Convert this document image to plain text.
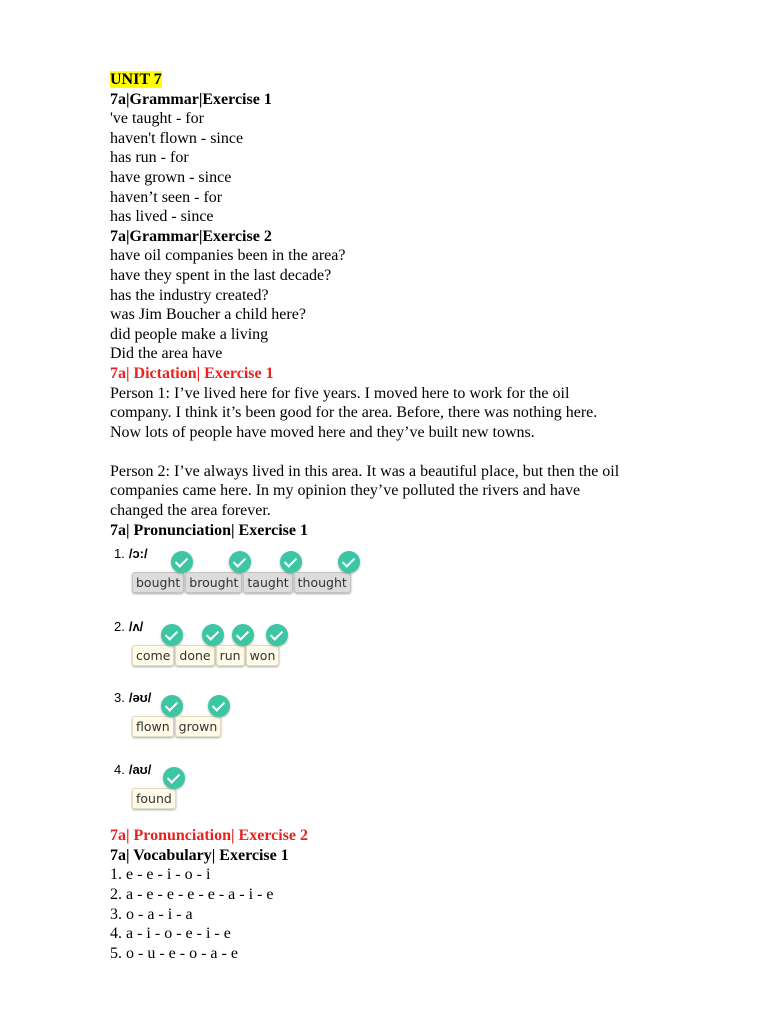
UNIT 7
7a|Grammar|Exercise 1
've taught - for
haven't flown - since
has run - for
have grown - since
haven’t seen - for
has lived - since
7a|Grammar|Exercise 2
have oil companies been in the area?
have they spent in the last decade?
has the industry created?
was Jim Boucher a child here?
did people make a living
Did the area have
7a| Dictation| Exercise 1
Person 1: I’ve lived here for five years. I moved here to work for the oil
company. I think it’s been good for the area. Before, there was nothing here.
Now lots of people have moved here and they’ve built new towns.
Person 2: I’ve always lived in this area. It was a beautiful place, but then the oil
companies came here. In my opinion they’ve polluted the rivers and have
changed the area forever.
7a| Pronunciation| Exercise 1
1. /ɔ:/
bought brought taught thought
2. /ʌ/
come done run won
3. /əʊ/
flown grown
4. /aʊ/
found
7a| Pronunciation| Exercise 2
7a| Vocabulary| Exercise 1
1. e - e - i - o - i
2. a - e - e - e - e - a - i - e
3. o - a - i - a
4. a - i - o - e - i - e
5. o - u - e - o - a - e
